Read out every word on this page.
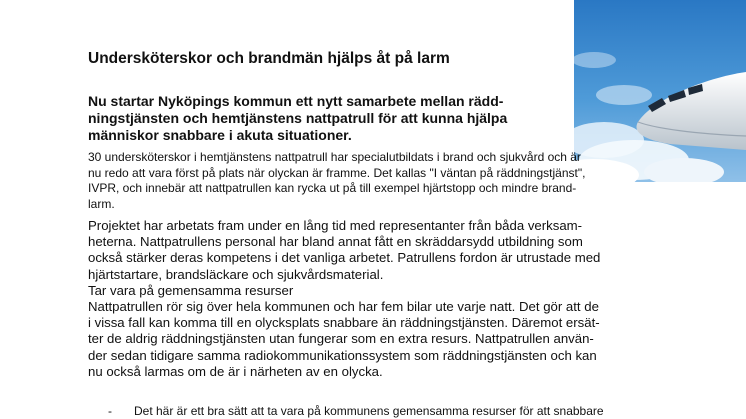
Undersköterskor och brandmän hjälps åt på larm

Nu startar Nyköpings kommun ett nytt samarbete mellan rädd-
ningstjänsten och hemtjänstens nattpatrull för att kunna hjälpa
människor snabbare i akuta situationer.

30 undersköterskor i hemtjänstens nattpatrull har specialutbildats i brand och sjukvård och är
nu redo att vara först på plats när olyckan är framme. Det kallas "I väntan på räddningstjänst",
IVPR, och innebär att nattpatrullen kan rycka ut på till exempel hjärtstopp och mindre brand-
larm.

Projektet har arbetats fram under en lång tid med representanter från båda verksam-
heterna. Nattpatrullens personal har bland annat fått en skräddarsydd utbildning som
också stärker deras kompetens i det vanliga arbetet. Patrullens fordon är utrustade med
hjärtstartare, brandsläckare och sjukvårdsmaterial.
Tar vara på gemensamma resurser
Nattpatrullen rör sig över hela kommunen och har fem bilar ute varje natt. Det gör att de
i vissa fall kan komma till en olycksplats snabbare än räddningstjänsten. Däremot ersät-
ter de aldrig räddningstjänsten utan fungerar som en extra resurs. Nattpatrullen använ-
der sedan tidigare samma radiokommunikationssystem som räddningstjänsten och kan
nu också larmas om de är i närheten av en olycka.

- Det här är ett bra sätt att ta vara på kommunens gemensamma resurser för att snabbare
